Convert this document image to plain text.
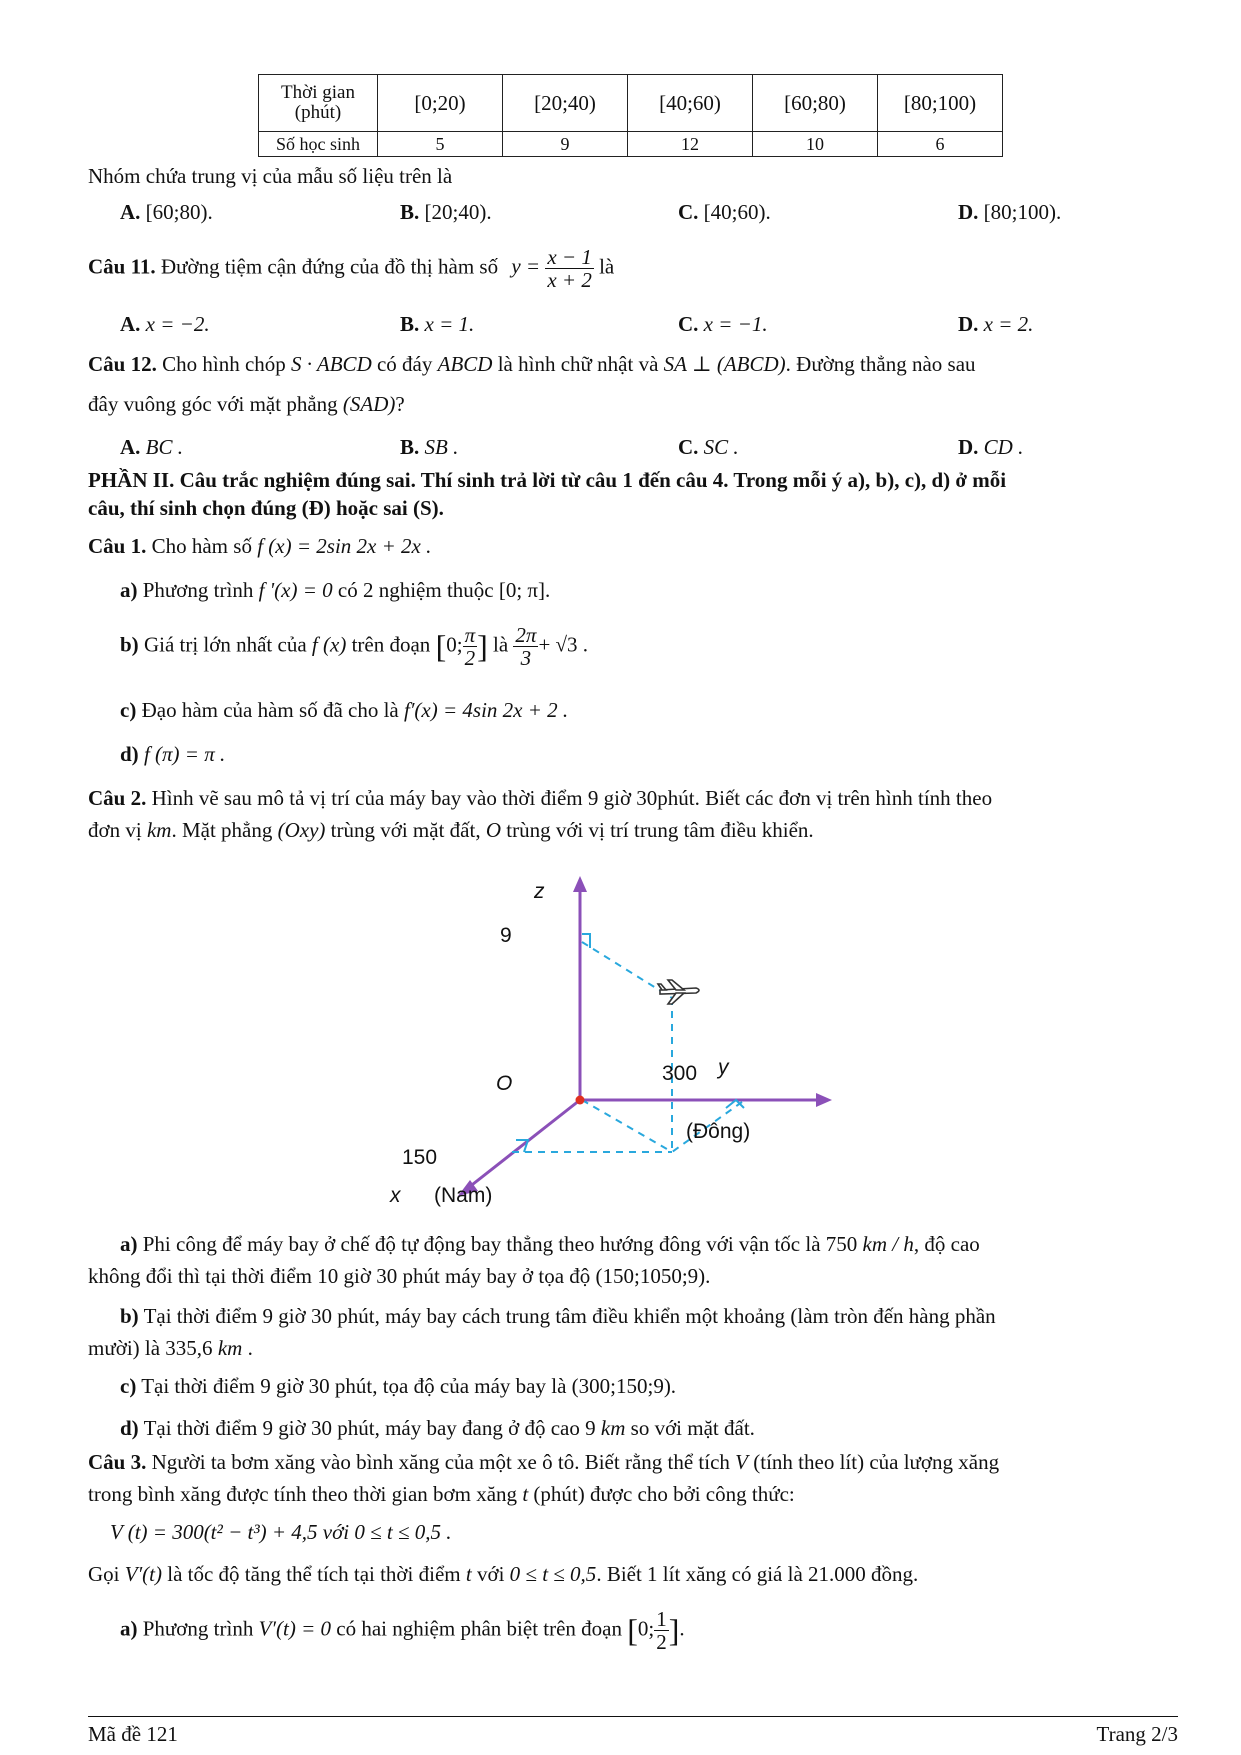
Thời gian
(phút)	[0;20)	[20;40)	[40;60)	[60;80)	[80;100)
Số học sinh	5	9	12	10	6
Nhóm chứa trung vị của mẫu số liệu trên là
A. [60;80).	B. [20;40).	C. [40;60).	D. [80;100).
Câu 11. Đường tiệm cận đứng của đồ thị hàm số $y = \frac{x - 1}{x + 2}$ là
A. x = −2.	B. x = 1.	C. x = −1.	D. x = 2.
Câu 12. Cho hình chóp S · ABCD có đáy ABCD là hình chữ nhật và SA ⊥ (ABCD). Đường thẳng nào sau
đây vuông góc với mặt phẳng (SAD)?
A. BC .	B. SB .	C. SC .	D. CD .
PHẦN II. Câu trắc nghiệm đúng sai. Thí sinh trả lời từ câu 1 đến câu 4. Trong mỗi ý a), b), c), d) ở mỗi
câu, thí sinh chọn đúng (Đ) hoặc sai (S).
Câu 1. Cho hàm số f (x) = 2sin 2x + 2x .
a) Phương trình f '(x) = 0 có 2 nghiệm thuộc [0; π].
b) Giá trị lớn nhất của f (x) trên đoạn [0; $\frac{\pi}{2}$ ] là $\frac{2\pi}{3} + √3$ .
c) Đạo hàm của hàm số đã cho là f′(x) = 4sin 2x + 2 .
d) f (π) = π .
Câu 2. Hình vẽ sau mô tả vị trí của máy bay vào thời điểm 9 giờ 30phút. Biết các đơn vị trên hình tính theo
đơn vị km. Mặt phẳng (Oxy) trùng với mặt đất, O trùng với vị trí trung tâm điều khiển.
z
9
O	300 y
(Đông)
150
x (Nam)
a) Phi công để máy bay ở chế độ tự động bay thẳng theo hướng đông với vận tốc là 750 km / h, độ cao
không đổi thì tại thời điểm 10 giờ 30 phút máy bay ở tọa độ (150;1050;9).
b) Tại thời điểm 9 giờ 30 phút, máy bay cách trung tâm điều khiển một khoảng (làm tròn đến hàng phần
mười) là 335,6 km .
c) Tại thời điểm 9 giờ 30 phút, tọa độ của máy bay là (300;150;9).
d) Tại thời điểm 9 giờ 30 phút, máy bay đang ở độ cao 9 km so với mặt đất.
Câu 3. Người ta bơm xăng vào bình xăng của một xe ô tô. Biết rằng thể tích V (tính theo lít) của lượng xăng
trong bình xăng được tính theo thời gian bơm xăng t (phút) được cho bởi công thức:
V (t) = 300(t² − t³) + 4,5 với 0 ≤ t ≤ 0,5 .
Gọi V′(t) là tốc độ tăng thể tích tại thời điểm t với 0 ≤ t ≤ 0,5. Biết 1 lít xăng có giá là 21.000 đồng.
a) Phương trình V′(t) = 0 có hai nghiệm phân biệt trên đoạn [0; $\frac{1}{2}$ ].
Mã đề 121	Trang 2/3
